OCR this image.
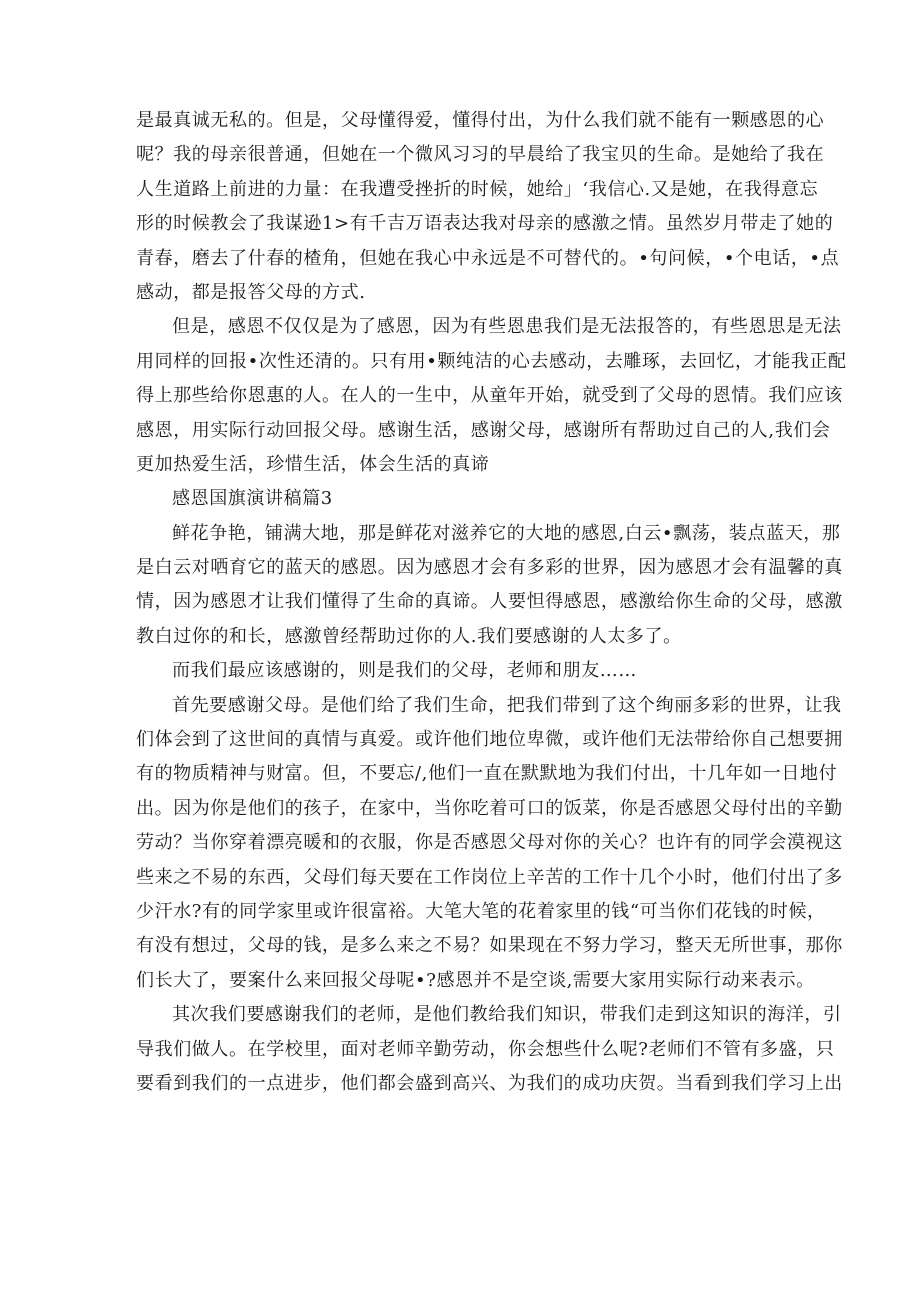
是最真诚无私的。但是，父母懂得爱，懂得付出，为什么我们就不能有一颗感恩的心
呢？我的母亲很普通，但她在一个微风习习的早晨给了我宝贝的生命。是她给了我在
人生道路上前进的力量：在我遭受挫折的时候，她给」‘我信心.又是她，在我得意忘
形的时候教会了我谋逊1>有千吉万语表达我对母亲的感激之情。虽然岁月带走了她的
青春，磨去了什春的楂角，但她在我心中永远是不可替代的。•句问候，•个电话，•点
感动，都是报答父母的方式.
但是，感恩不仅仅是为了感恩，因为有些恩患我们是无法报答的，有些恩思是无法
用同样的回报•次性还清的。只有用•颗纯洁的心去感动，去雕琢，去回忆，才能我正配
得上那些给你恩惠的人。在人的一生中，从童年开始，就受到了父母的恩情。我们应该
感恩，用实际行动回报父母。感谢生活，感谢父母，感谢所有帮助过自己的人,我们会
更加热爱生活，珍惜生活，体会生活的真谛
感恩国旗演讲稿篇3
鲜花争艳，铺满大地，那是鲜花对滋养它的大地的感恩,白云•飘荡，装点蓝天，那
是白云对哂育它的蓝天的感恩。因为感恩才会有多彩的世界，因为感恩才会有温馨的真
情，因为感恩才让我们懂得了生命的真谛。人要怛得感恩，感激给你生命的父母，感激
教白过你的和长，感激曾经帮助过你的人.我们要感谢的人太多了。
而我们最应该感谢的，则是我们的父母，老师和朋友……
首先要感谢父母。是他们给了我们生命，把我们带到了这个绚丽多彩的世界，让我
们体会到了这世间的真情与真爱。或许他们地位卑微，或许他们无法带给你自己想要拥
有的物质精神与财富。但，不要忘/,他们一直在默默地为我们付出，十几年如一日地付
出。因为你是他们的孩子，在家中，当你吃着可口的饭菜，你是否感恩父母付出的辛勤
劳动？当你穿着漂亮暖和的衣服，你是否感恩父母对你的关心？也许有的同学会漠视这
些来之不易的东西，父母们每天要在工作岗位上辛苦的工作十几个小时，他们付出了多
少汗水?有的同学家里或许很富裕。大笔大笔的花着家里的钱“可当你们花钱的时候，
有没有想过，父母的钱，是多么来之不易？如果现在不努力学习，整天无所世事，那你
们长大了，要案什么来回报父母呢•?感恩并不是空谈,需要大家用实际行动来表示。
其次我们要感谢我们的老师，是他们教给我们知识，带我们走到这知识的海洋，引
导我们做人。在学校里，面对老师辛勤劳动，你会想些什么呢?老师们不管有多盛，只
要看到我们的一点进步，他们都会盛到高兴、为我们的成功庆贺。当看到我们学习上出
